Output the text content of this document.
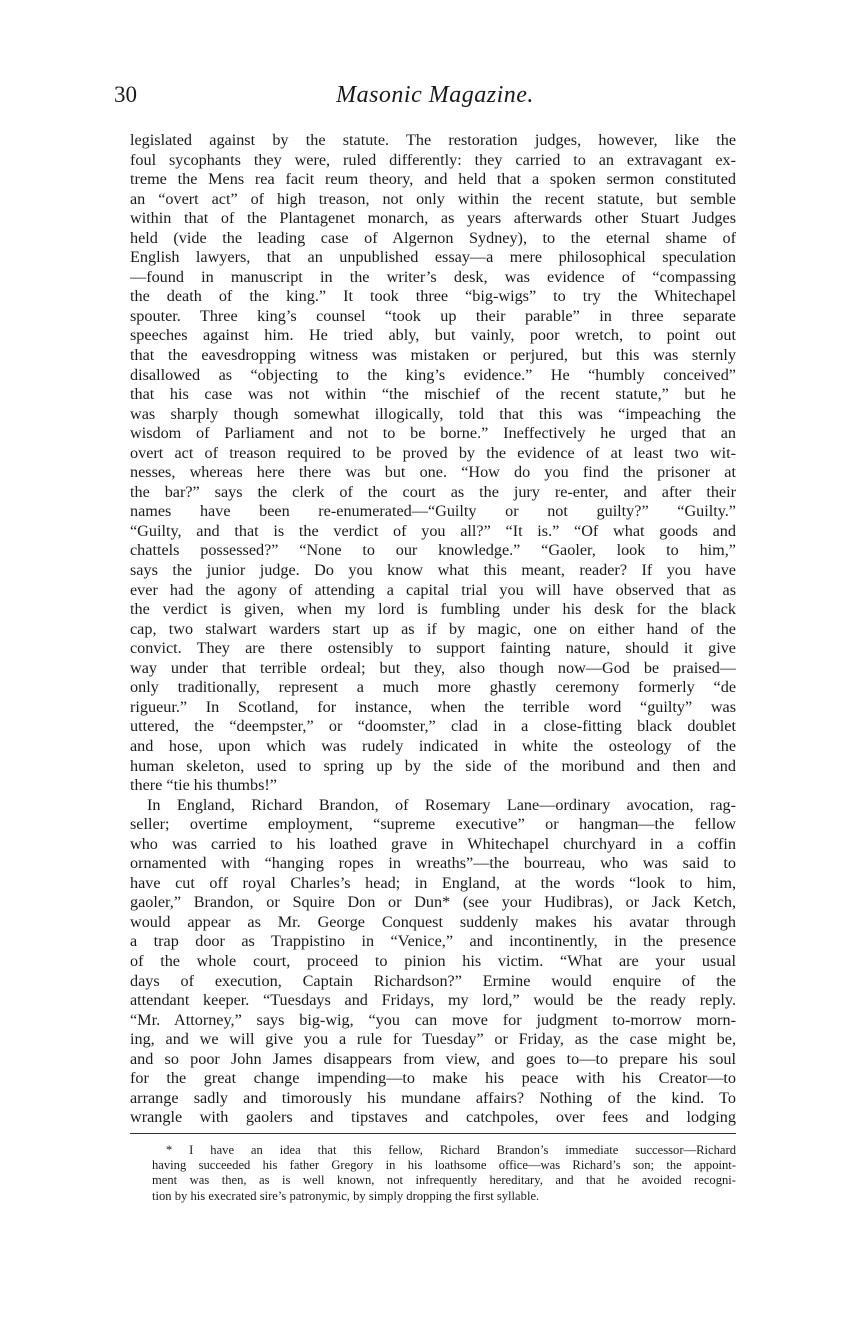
30	Masonic Magazine.
legislated against by the statute. The restoration judges, however, like the
foul sycophants they were, ruled differently: they carried to an extravagant ex-
treme the Mens rea facit reum theory, and held that a spoken sermon constituted
an “overt act” of high treason, not only within the recent statute, but semble
within that of the Plantagenet monarch, as years afterwards other Stuart Judges
held (vide the leading case of Algernon Sydney), to the eternal shame of
English lawyers, that an unpublished essay—a mere philosophical speculation
—found in manuscript in the writer’s desk, was evidence of “compassing
the death of the king.” It took three “big-wigs” to try the Whitechapel
spouter. Three king’s counsel “took up their parable” in three separate
speeches against him. He tried ably, but vainly, poor wretch, to point out
that the eavesdropping witness was mistaken or perjured, but this was sternly
disallowed as “objecting to the king’s evidence.” He “humbly conceived”
that his case was not within “the mischief of the recent statute,” but he
was sharply though somewhat illogically, told that this was “impeaching the
wisdom of Parliament and not to be borne.” Ineffectively he urged that an
overt act of treason required to be proved by the evidence of at least two wit-
nesses, whereas here there was but one. “How do you find the prisoner at
the bar?” says the clerk of the court as the jury re-enter, and after their
names have been re-enumerated—“Guilty or not guilty?” “Guilty.”
“Guilty, and that is the verdict of you all?” “It is.” “Of what goods and
chattels possessed?” “None to our knowledge.” “Gaoler, look to him,”
says the junior judge. Do you know what this meant, reader? If you have
ever had the agony of attending a capital trial you will have observed that as
the verdict is given, when my lord is fumbling under his desk for the black
cap, two stalwart warders start up as if by magic, one on either hand of the
convict. They are there ostensibly to support fainting nature, should it give
way under that terrible ordeal; but they, also though now—God be praised—
only traditionally, represent a much more ghastly ceremony formerly “de
rigueur.” In Scotland, for instance, when the terrible word “guilty” was
uttered, the “deempster,” or “doomster,” clad in a close-fitting black doublet
and hose, upon which was rudely indicated in white the osteology of the
human skeleton, used to spring up by the side of the moribund and then and
there “tie his thumbs!”
In England, Richard Brandon, of Rosemary Lane—ordinary avocation, rag-
seller; overtime employment, “supreme executive” or hangman—the fellow
who was carried to his loathed grave in Whitechapel churchyard in a coffin
ornamented with “hanging ropes in wreaths”—the bourreau, who was said to
have cut off royal Charles’s head; in England, at the words “look to him,
gaoler,” Brandon, or Squire Don or Dun* (see your Hudibras), or Jack Ketch,
would appear as Mr. George Conquest suddenly makes his avatar through
a trap door as Trappistino in “Venice,” and incontinently, in the presence
of the whole court, proceed to pinion his victim. “What are your usual
days of execution, Captain Richardson?” Ermine would enquire of the
attendant keeper. “Tuesdays and Fridays, my lord,” would be the ready reply.
“Mr. Attorney,” says big-wig, “you can move for judgment to-morrow morn-
ing, and we will give you a rule for Tuesday” or Friday, as the case might be,
and so poor John James disappears from view, and goes to—to prepare his soul
for the great change impending—to make his peace with his Creator—to
arrange sadly and timorously his mundane affairs? Nothing of the kind. To
wrangle with gaolers and tipstaves and catchpoles, over fees and lodging
* I have an idea that this fellow, Richard Brandon’s immediate successor—Richard
having succeeded his father Gregory in his loathsome office—was Richard’s son; the appoint-
ment was then, as is well known, not infrequently hereditary, and that he avoided recogni-
tion by his execrated sire’s patronymic, by simply dropping the first syllable.
